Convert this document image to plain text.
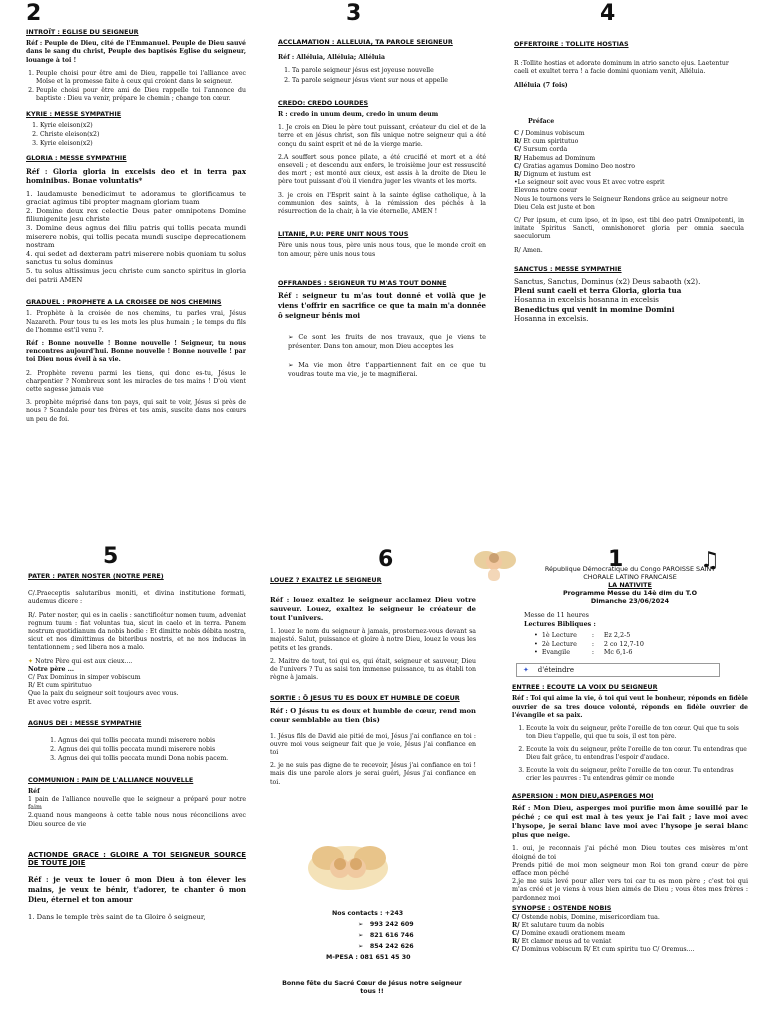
2
INTROÏT : EGLISE DU SEIGNEUR

Réf : Peuple de Dieu, cité de l'Emmanuel. Peuple de Dieu sauvé dans le sang du christ, Peuple des baptisés Eglise du seigneur, louange à toi !

1. Peuple choisi pour être ami de Dieu, rappelle toi l'alliance avec Moïse et la promesse faite à ceux qui croient dans le seigneur.
2. Peuple choisi pour être ami de Dieu rappelle toi l'annonce du baptiste : Dieu va venir, prépare le chemin ; change ton cœur.
KYRIE : MESSE SYMPATHIE
1. Kyrie eleison(x2)
2. Christe eleison(x2)
3. Kyrie eleison(x2)
GLORIA : MESSE SYMPATHIE

Réf : Gloria gloria in excelsis deo et in terra pax hominibus. Bonae voluntatis*

1. laudamuste benedicimut te adoramus te glorificamus te graciat agimus tibi propter magnam gloriam tuam
2. Domine deux rex celectie Deus pater omnipotens Domine filiunigenite jesu christe
3. Domine deus agnus dei filiu patris qui tollis pecata mundi miserere nobis, qui tollis pecata mundi suscipe deprecationem nostram
4. qui sedet ad dexteram patri miserere nobis quoniam tu solus sanctus tu solus dominus
5. tu solus altissimus jecu christe cum sancto spiritus in gloria dei patrii AMEN
GRADUEL : PROPHETE A LA CROISEE DE NOS CHEMINS

1. Prophète à la croisée de nos chemins, tu parles vrai, Jésus Nazareth. Pour tous tu es les mots les plus humain ; le temps du fils de l'homme est'il venu ?.

Réf : Bonne nouvelle ! Bonne nouvelle ! Seigneur, tu nous rencontres aujourd'hui. Bonne nouvelle ! Bonne nouvelle ! par toi Dieu nous éveil à sa vie.

2. Prophète revenu parmi les tiens, qui donc es-tu, Jésus le charpentier ? Nombreux sont les miracles de tes mains ! D'où vient cette sagesse jamais vue

3. prophète méprisé dans ton pays, qui sait te voir, Jésus si près de nous ? Scandale pour tes frères et tes amis, suscite dans nos cœurs un peu de foi.

3
ACCLAMATION : ALLELUIA, TA PAROLE SEIGNEUR

Réf : Alléluia, Alléluia; Alléluia

1. Ta parole seigneur jésus est joyeuse nouvelle
2. Ta parole seigneur jésus vient sur nous et appelle
CREDO: CREDO LOURDES

R : credo in unum deum, credo in unum deum

1. Je crois en Dieu le père tout puissant, créateur du ciel et de la terre et en jésus christ, son fils unique notre seigneur qui a été conçu du saint esprit et né de la vierge marie.

2.A souffert sous ponce pilate, a été crucifié et mort et a été enseveli ; et descendu aux enfers, le troisième jour est ressuscité des mort ; est monté aux cieux, est assis à la droite de Dieu le père tout puissant d'où il viendra juger les vivants et les morts.

3. je crois en l'Esprit saint à la sainte église catholique, à la communion des saints, à la rémission des péchés à la résurrection de la chair, à la vie éternelle, AMEN !

LITANIE, P.U: PERE UNIT NOUS TOUS

Père unis nous tous, père unis nous tous, que le monde croit en ton amour, père unis nous tous

OFFRANDES : SEIGNEUR TU M'AS TOUT DONNE

Réf : seigneur tu m'as tout donné et voilà que je viens t'offrir en sacrifice ce que ta main m'a donnée ô seigneur bénis moi

➢ Ce sont les fruits de nos travaux, que je viens te présenter. Dans ton amour, mon Dieu acceptes les
➢ Ma vie mon être t'appartiennent fait en ce que tu voudras toute ma vie, je te magnifierai.
4
OFFERTOIRE : TOLLITE HOSTIAS

R :Tollite hostias et adorate dominum in atrio sancto ejus. Laetentur caeli et exultet terra ! a facie domini quoniam venit, Alléluia.

Alléluia (7 fois)

Préface
C / Dominus vobiscum
R/ Et cum spiritutuo
C/ Sursum corda
R/ Habemus ad Dominum
C/ Gratias agamus Domino Deo nostro
R/ Dignum et iustum est
•Le seigneur soit avec vous Et avec votre esprit
Elevons notre coeur

Nous le tournons vers le Seigneur Rendons grâce au seigneur notre Dieu Cela est juste et bon

C/ Per ipsum, et cum ipso, et in ipso, est tibi deo patri Omnipotenti, in initate Spiritus Sancti, omnishonoret gloria per omnia saecula saeculorum

R/ Amen.

SANCTUS : MESSE SYMPATHIE
Sanctus, Sanctus, Dominus (x2) Deus sabaoth (x2).
Pleni sunt caeli et terra Gloria, gloria tua
Hosanna in excelsis hosanna in excelsis
Benedictus qui venit in momine Domini
Hosanna in excelsis.
5
PATER : PATER NOSTER (NOTRE PERE)

C/.Praeceptis salutaribus moniti, et divina institutione formati, audemus dicere :

R/. Pater noster, qui es in caelis : sanctificétur nomen tuum, adveniat regnum tuum : fiat voluntas tua, sicut in caelo et in terra. Panem nostrum quotidianum da nobis hodie : Et dimitte nobis débita nostra, sicut et nos dimittimus de biteribus nostris, et ne nos inducas in tentationnem ; sed libera nos a malo.

✦ Notre Père qui est aux cieux....
Notre père ...
C/ Pax Dominus in simper vobiscum
R/ Et cum spiritutuo
Que la paix du seigneur soit toujours avec vous.
Et avec votre esprit.
AGNUS DEI : MESSE SYMPATHIE
1. Agnus dei qui tollis peccata mundi miserere nobis
2. Agnus dei qui tollis peccata mundi miserere nobis
3. Agnus dei qui tollis peccata mundi Dona nobis pacem.
COMMUNION : PAIN DE L'ALLIANCE NOUVELLE
Réf
1 pain de l'alliance nouvelle que le seigneur a préparé pour notre faim
2.quand nous mangeons à cette table nous nous réconcilions avec Dieu source de vie
ACTIONDE GRACE : GLOIRE A TOI SEIGNEUR SOURCE DE TOUTE JOIE

Réf : je veux te louer ô mon Dieu à ton élever les mains, je veux te bénir, t'adorer, te chanter ô mon Dieu, éternel et ton amour

1. Dans le temple très saint de ta Gloire ô seigneur,
6
LOUEZ ? EXALTEZ LE SEIGNEUR

Réf : louez exaltez le seigneur acclamez Dieu votre sauveur. Louez, exaltez le seigneur le créateur de tout l'univers.

1. louez le nom du seigneur à jamais, prosternez-vous devant sa majesté. Salut, puissance et gloire à notre Dieu, louez le vous les petits et les grands.

2. Maitre de tout, toi qui es, qui était, seigneur et sauveur, Dieu de l'univers ? Tu as saisi ton immense puissance, tu as établi ton règne à jamais.

SORTIE : Ô JESUS TU ES DOUX ET HUMBLE DE COEUR

Réf : O Jésus tu es doux et humble de cœur, rend mon cœur semblable au tien (bis)

1. Jésus fils de David aie pitié de moi, Jésus j'ai confiance en toi : ouvre moi vous seigneur fait que je voie, Jésus j'ai confiance en toi

2. je ne suis pas digne de te recevoir, Jésus j'ai confiance en toi ! mais dis une parole alors je serai guéri, Jésus j'ai confiance en toi.

Nos contacts : +243
➢ 993 242 609
➢ 821 616 746
➢ 854 242 626
M-PESA : 081 651 45 30
Bonne fête du Sacré Cœur de Jésus notre seigneur tous !!
1	♫
République Démocratique du Congo PAROISSE SAINT
CHORALE LATINO FRANCAISE
LA NATIVITE
Programme Messe du 14è dim du T.O
Dimanche 23/06/2024
Messe de 11 heures
Lectures Bibliques :
•  1è Lecture : Ez 2,2-5
•  2è Lecture : 2 co 12,7-10
•  Evangile	: Mc 6,1-6
✦ d'éteindre
ENTREE : ECOUTE LA VOIX DU SEIGNEUR

Réf : Toi qui aime la vie, ô toi qui veut le bonheur, réponds en fidèle ouvrier de sa tres douce volonté, réponds en fidèle ouvrier de l'évangile et sa paix.

1. Ecoute la voix du seigneur, prête l'oreille de ton cœur. Qui que tu sois ton Dieu t'appelle, qui que tu sois, il est ton père.
2. Ecoute la voix du seigneur, prête l'oreille de ton cœur. Tu entendras que Dieu fait grâce, tu entendras l'espoir d'audace.
3. Ecoute la voix du seigneur, prête l'oreille de ton cœur. Tu entendras crier les pauvres : Tu entendras gémir ce monde
ASPERSION : MON DIEU,ASPERGES MOI

Réf : Mon Dieu, asperges moi purifie mon âme souillé par le péché ; ce qui est mal à tes yeux je l'ai fait ; lave moi avec l'hysope, je serai blanc lave moi avec l'hysope je serai blanc plus que neige.

1. oui, je reconnais j'ai péché mon Dieu toutes ces misères m'ont éloigné de toi
Prends pitié de moi mon seigneur mon Roi ton grand cœur de père efface mon péché
2.je me suis levé pour aller vers toi car tu es mon père ; c'est toi qui m'as créé et je viens à vous bien aimés de Dieu ; vous êtes mes frères : pardonnez moi
SYNOPSE : OSTENDE NOBIS
C/ Ostende nobis, Domine, misericordiam tua.
R/ Et salutare tuum da nobis
C/ Domine exaudi orationem meam
R/ Et clamor meus ad te veniat
C/ Dominus vobiscum R/ Et cum spiritu tuo C/ Oremus....
